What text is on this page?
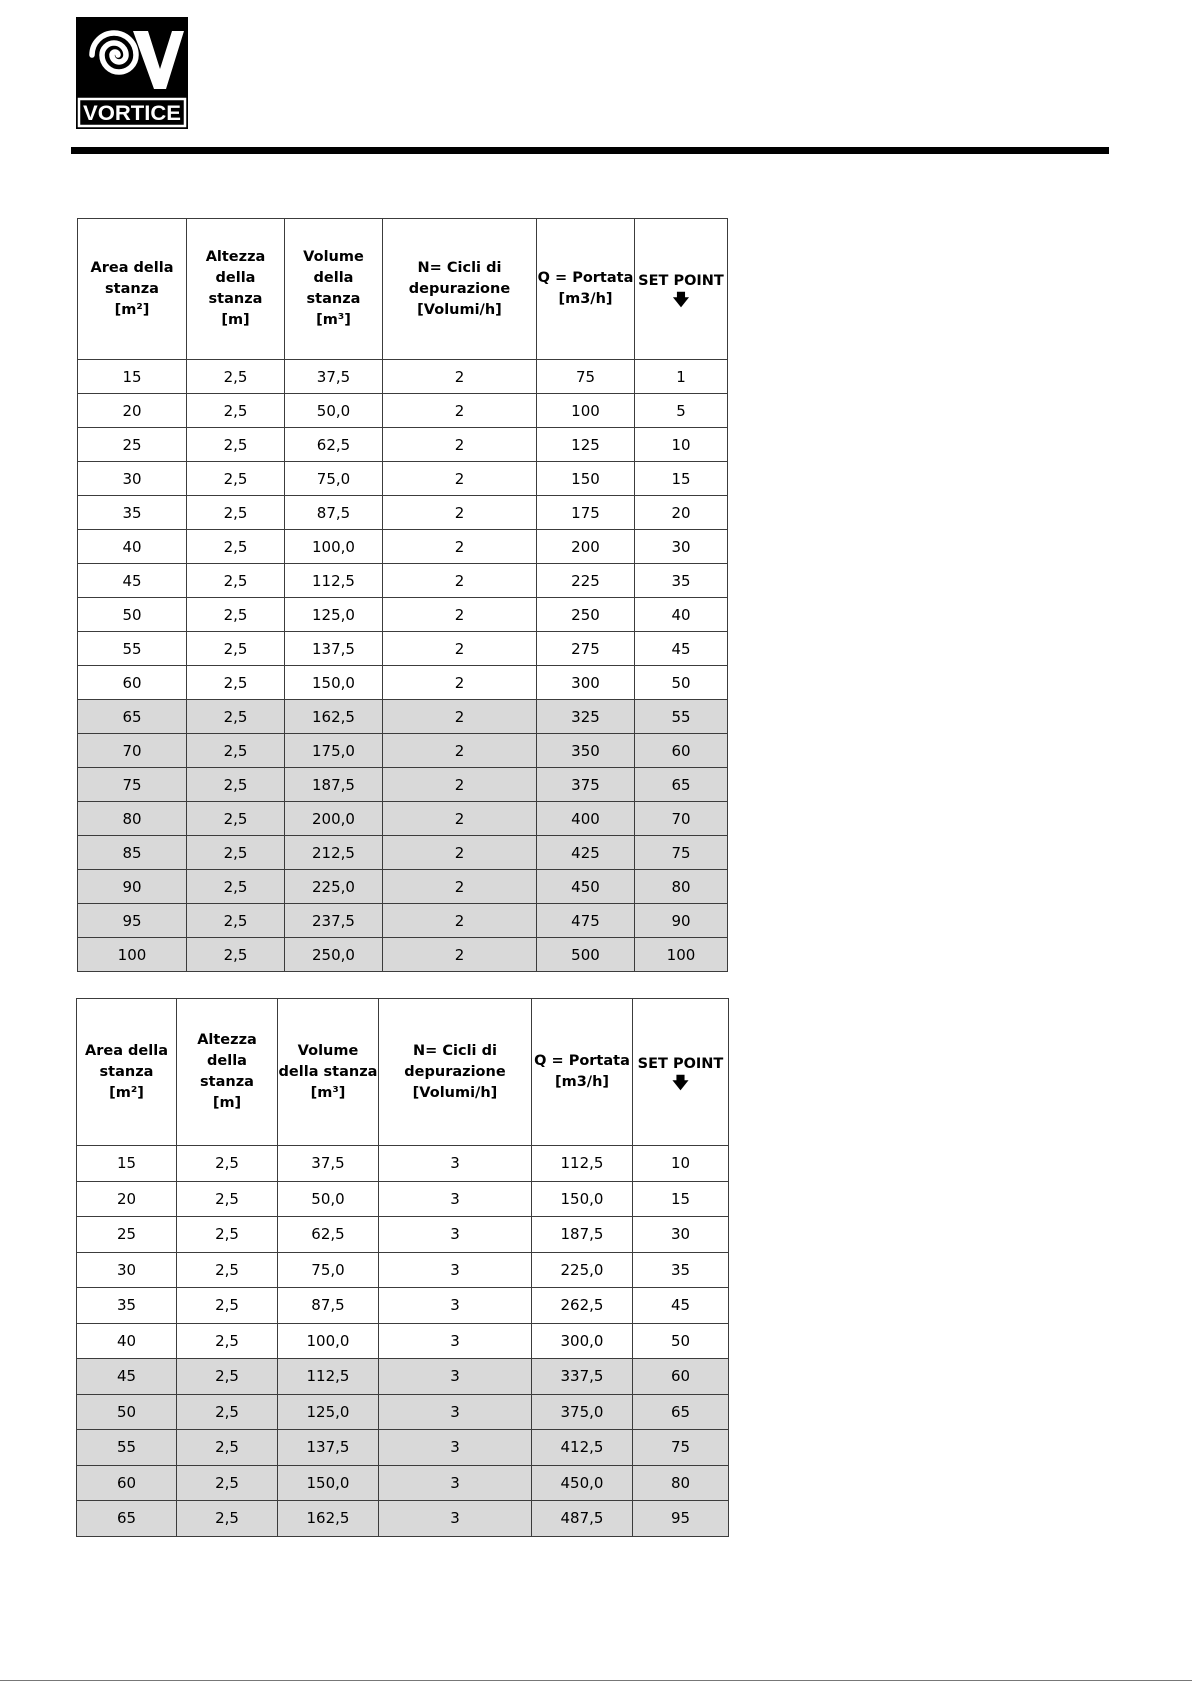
VORTICE
Area della
stanza
[m²]	Altezza della
stanza
[m]	Volume
della stanza
[m³]	N= Cicli di
depurazione
[Volumi/h]	Q = Portata
[m3/h]	SET POINT
🡇

15	2,5	37,5	2	75	1
20	2,5	50,0	2	100	5
25	2,5	62,5	2	125	10
30	2,5	75,0	2	150	15
35	2,5	87,5	2	175	20
40	2,5	100,0	2	200	30
45	2,5	112,5	2	225	35
50	2,5	125,0	2	250	40
55	2,5	137,5	2	275	45
60	2,5	150,0	2	300	50
65	2,5	162,5	2	325	55
70	2,5	175,0	2	350	60
75	2,5	187,5	2	375	65
80	2,5	200,0	2	400	70
85	2,5	212,5	2	425	75
90	2,5	225,0	2	450	80
95	2,5	237,5	2	475	90
100	2,5	250,0	2	500	100
Area della
stanza
[m²]	Altezza della
stanza
[m]	Volume
della stanza
[m³]	N= Cicli di
depurazione
[Volumi/h]	Q = Portata
[m3/h]	SET POINT
🡇

15	2,5	37,5	3	112,5	10
20	2,5	50,0	3	150,0	15
25	2,5	62,5	3	187,5	30
30	2,5	75,0	3	225,0	35
35	2,5	87,5	3	262,5	45
40	2,5	100,0	3	300,0	50
45	2,5	112,5	3	337,5	60
50	2,5	125,0	3	375,0	65
55	2,5	137,5	3	412,5	75
60	2,5	150,0	3	450,0	80
65	2,5	162,5	3	487,5	95
